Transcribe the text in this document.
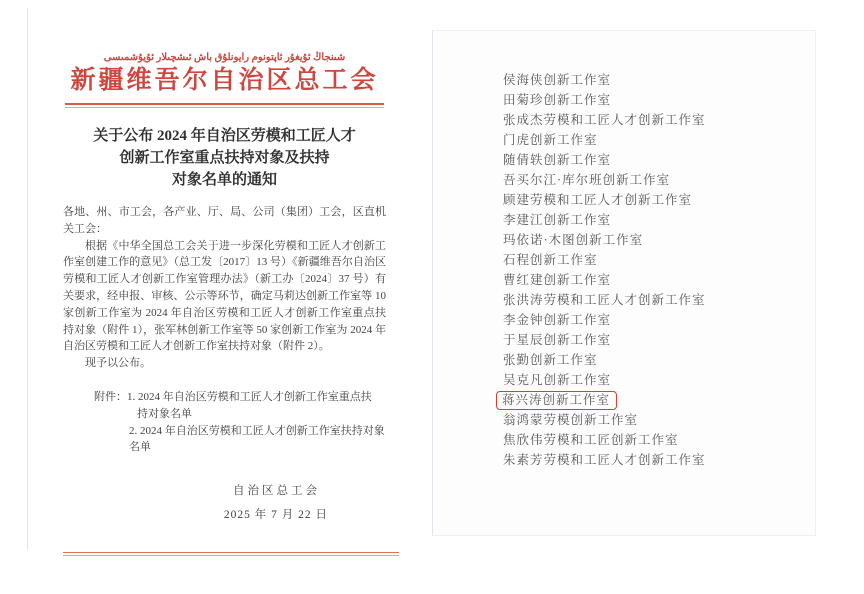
شىنجاڭ ئۇيغۇر ئاپتونوم رايونلۇق باش ئىشچىلار ئۇيۇشمىسى
新疆维吾尔自治区总工会
关于公布 2024 年自治区劳模和工匠人才
创新工作室重点扶持对象及扶持
对象名单的通知

各地、州、市工会，各产业、厅、局、公司（集团）工会，区直机关工会：

根据《中华全国总工会关于进一步深化劳模和工匠人才创新工作室创建工作的意见》（总工发〔2017〕13 号）《新疆维吾尔自治区劳模和工匠人才创新工作室管理办法》（新工办〔2024〕37 号）有关要求，经申报、审核、公示等环节，确定马莉达创新工作室等 10 家创新工作室为 2024 年自治区劳模和工匠人才创新工作室重点扶持对象（附件 1），张军林创新工作室等 50 家创新工作室为 2024 年自治区劳模和工匠人才创新工作室扶持对象（附件 2）。

现予以公布。

附件：1. 2024 年自治区劳模和工匠人才创新工作室重点扶
持对象名单
2. 2024 年自治区劳模和工匠人才创新工作室扶持对象名单
自治区总工会
2025 年 7 月 22 日
侯海侠创新工作室
田菊珍创新工作室
张成杰劳模和工匠人才创新工作室
门虎创新工作室
随倩轶创新工作室
吾买尔江·库尔班创新工作室
顾建劳模和工匠人才创新工作室
李建江创新工作室
玛依诺·木图创新工作室
石程创新工作室
曹红建创新工作室
张洪涛劳模和工匠人才创新工作室
李金钟创新工作室
于星辰创新工作室
张勤创新工作室
吴克凡创新工作室
蒋兴涛创新工作室
翁鸿蒙劳模创新工作室
焦欣伟劳模和工匠创新工作室
朱素芳劳模和工匠人才创新工作室
